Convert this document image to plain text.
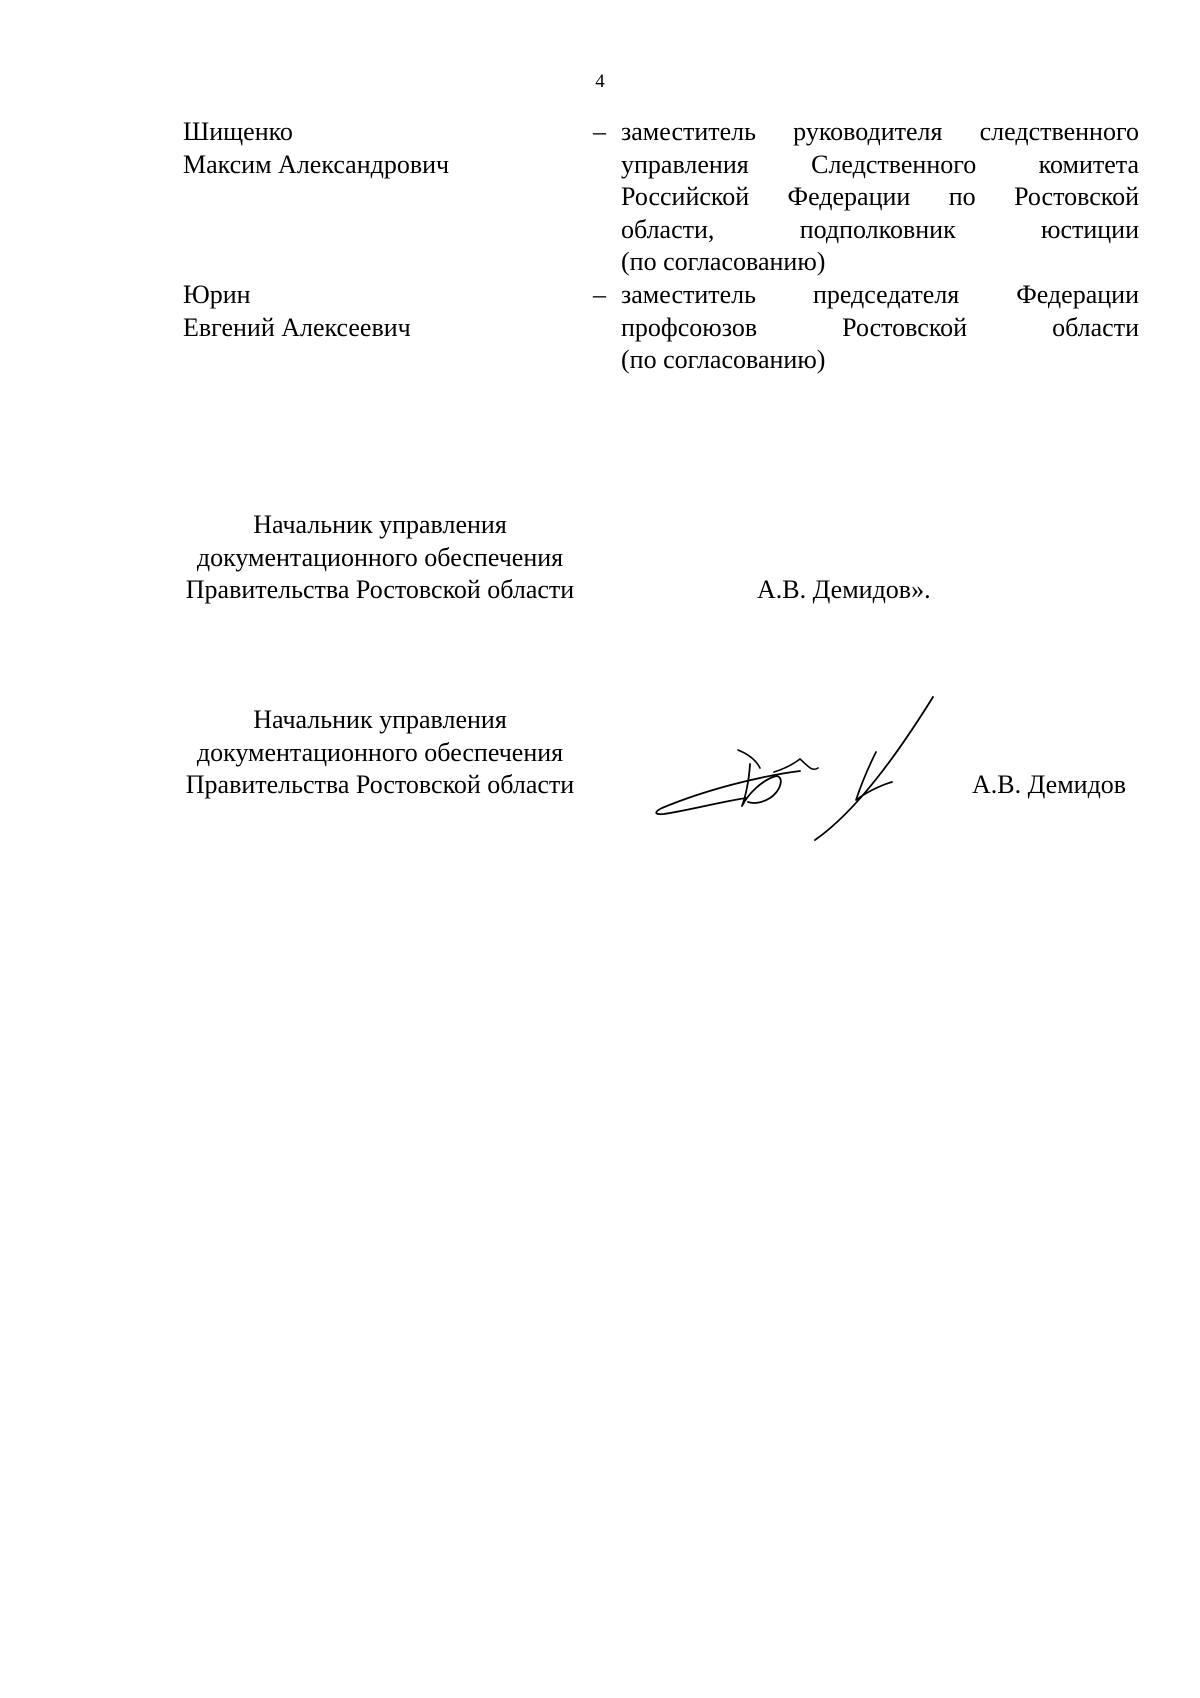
4
Шищенко
Максим Александрович
– заместитель руководителя следственного
управления Следственного комитета
Российской Федерации по Ростовской
области,	подполковник	юстиции
(по согласованию)
Юрин
Евгений Алексеевич
– заместитель председателя Федерации
профсоюзов	Ростовской	области
(по согласованию)
Начальник управления
документационного обеспечения
Правительства Ростовской области	А.В. Демидов».
Начальник управления
документационного обеспечения
Правительства Ростовской области	А.В. Демидов
